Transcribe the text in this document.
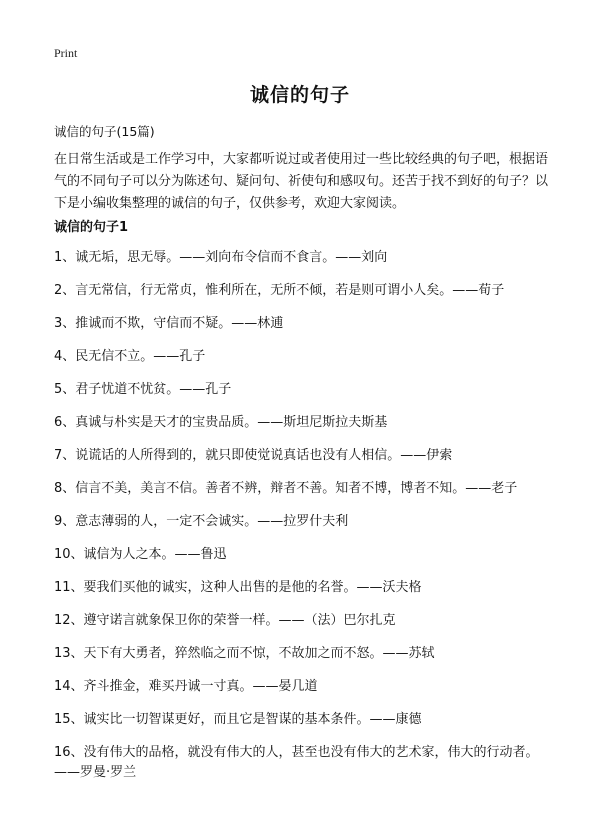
Print
诚信的句子
诚信的句子(15篇)
在日常生活或是工作学习中，大家都听说过或者使用过一些比较经典的句子吧，根据语气的不同句子可以分为陈述句、疑问句、祈使句和感叹句。还苦于找不到好的句子？以下是小编收集整理的诚信的句子，仅供参考，欢迎大家阅读。
诚信的句子1
1、诚无垢，思无辱。——刘向布令信而不食言。——刘向
2、言无常信，行无常贞，惟利所在，无所不倾，若是则可谓小人矣。——荀子
3、推诚而不欺，守信而不疑。——林逋
4、民无信不立。——孔子
5、君子忧道不忧贫。——孔子
6、真诚与朴实是天才的宝贵品质。——斯坦尼斯拉夫斯基
7、说谎话的人所得到的，就只即使觉说真话也没有人相信。——伊索
8、信言不美，美言不信。善者不辨，辩者不善。知者不博，博者不知。——老子
9、意志薄弱的人，一定不会诚实。——拉罗什夫利
10、诚信为人之本。——鲁迅
11、要我们买他的诚实，这种人出售的是他的名誉。——沃夫格
12、遵守诺言就象保卫你的荣誉一样。——（法）巴尔扎克
13、天下有大勇者，猝然临之而不惊，不故加之而不怒。——苏轼
14、齐斗推金，难买丹诚一寸真。——晏几道
15、诚实比一切智谋更好，而且它是智谋的基本条件。——康德
16、没有伟大的品格，就没有伟大的人，甚至也没有伟大的艺术家，伟大的行动者。——罗曼·罗兰
